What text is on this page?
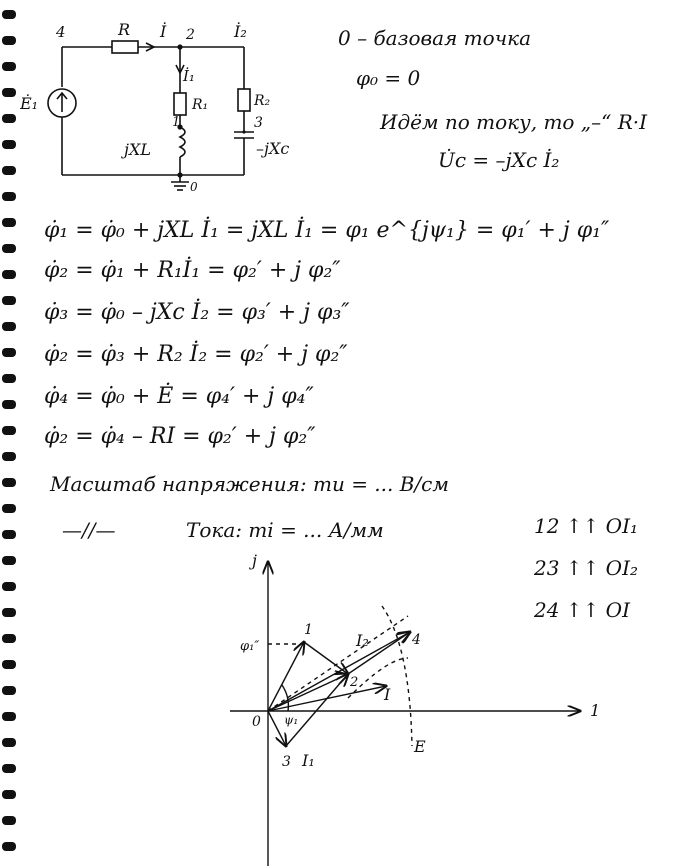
4	R İ 2 İ₂
İ₁
R₁	R₂
1	3
jXL	–jXc
Ė₁
0
0 – базовая точка
φ₀ = 0
Идём по току, то „–“ R·I
U̇c = –jXc İ₂
φ̇₁ = φ̇₀ + jXL İ₁ = jXL İ₁ = φ₁ e^{jψ₁} = φ₁′ + j φ₁″
φ̇₂ = φ̇₁ + R₁İ₁ = φ₂′ + j φ₂″
φ̇₃ = φ̇₀ – jXc İ₂ = φ₃′ + j φ₃″
φ̇₂ = φ̇₃ + R₂ İ₂ = φ₂′ + j φ₂″
φ̇₄ = φ̇₀ + Ė = φ₄′ + j φ₄″
φ̇₂ = φ̇₄ – RI = φ₂′ + j φ₂″
Масштаб напряжения: mu = ... В/см
—//—	Тока: mi = ... А/мм	12 ↑↑ OI₁
23 ↑↑ OI₂
24 ↑↑ OI
j
1
0
1
2
3
4
I
I₁
I₂
E
φ₁″
ψ₁
